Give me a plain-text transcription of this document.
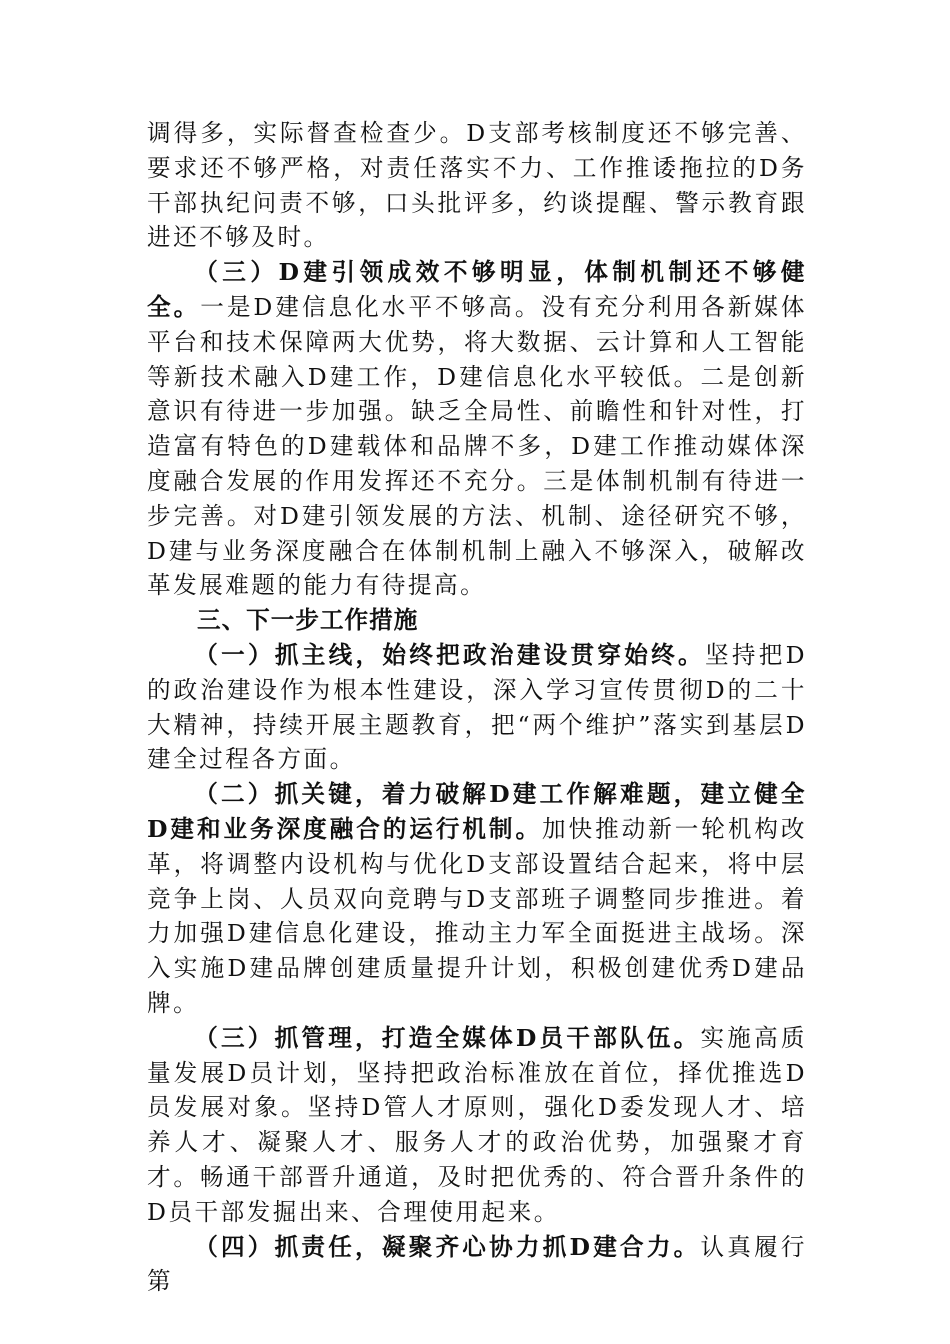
调得多，实际督查检查少。D支部考核制度还不够完善、要求还不够严格，对责任落实不力、工作推诿拖拉的D务干部执纪问责不够，口头批评多，约谈提醒、警示教育跟进还不够及时。

（三）D建引领成效不够明显，体制机制还不够健全。一是D建信息化水平不够高。没有充分利用各新媒体平台和技术保障两大优势，将大数据、云计算和人工智能等新技术融入D建工作，D建信息化水平较低。二是创新意识有待进一步加强。缺乏全局性、前瞻性和针对性，打造富有特色的D建载体和品牌不多，D建工作推动媒体深度融合发展的作用发挥还不充分。三是体制机制有待进一步完善。对D建引领发展的方法、机制、途径研究不够，D建与业务深度融合在体制机制上融入不够深入，破解改革发展难题的能力有待提高。

三、下一步工作措施

（一）抓主线，始终把政治建设贯穿始终。坚持把D的政治建设作为根本性建设，深入学习宣传贯彻D的二十大精神，持续开展主题教育，把“两个维护”落实到基层D建全过程各方面。

（二）抓关键，着力破解D建工作解难题，建立健全D建和业务深度融合的运行机制。加快推动新一轮机构改革，将调整内设机构与优化D支部设置结合起来，将中层竞争上岗、人员双向竞聘与D支部班子调整同步推进。着力加强D建信息化建设，推动主力军全面挺进主战场。深入实施D建品牌创建质量提升计划，积极创建优秀D建品牌。

（三）抓管理，打造全媒体D员干部队伍。实施高质量发展D员计划，坚持把政治标准放在首位，择优推选D员发展对象。坚持D管人才原则，强化D委发现人才、培养人才、凝聚人才、服务人才的政治优势，加强聚才育才。畅通干部晋升通道，及时把优秀的、符合晋升条件的D员干部发掘出来、合理使用起来。

（四）抓责任，凝聚齐心协力抓D建合力。认真履行第
